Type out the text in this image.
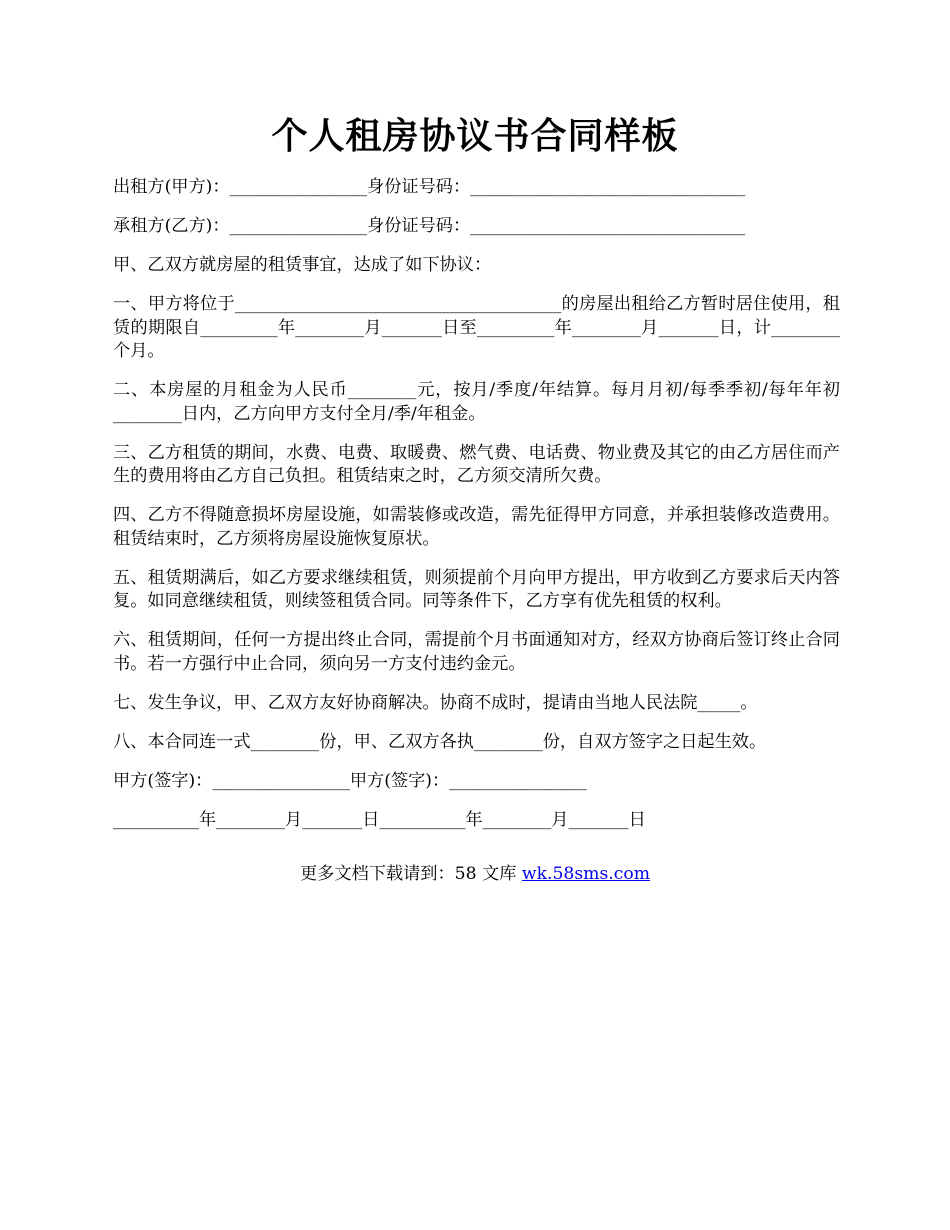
个人租房协议书合同样板

出租方(甲方)：________________身份证号码：________________________________

承租方(乙方)：________________身份证号码：________________________________

甲、乙双方就房屋的租赁事宜，达成了如下协议：

一、甲方将位于______________________________________的房屋出租给乙方暂时居住使用，租赁的期限自_________年________月_______日至_________年________月_______日，计________个月。

二、本房屋的月租金为人民币________元，按月/季度/年结算。每月月初/每季季初/每年年初________日内，乙方向甲方支付全月/季/年租金。

三、乙方租赁的期间，水费、电费、取暖费、燃气费、电话费、物业费及其它的由乙方居住而产生的费用将由乙方自己负担。租赁结束之时，乙方须交清所欠费。

四、乙方不得随意损坏房屋设施，如需装修或改造，需先征得甲方同意，并承担装修改造费用。租赁结束时，乙方须将房屋设施恢复原状。

五、租赁期满后，如乙方要求继续租赁，则须提前个月向甲方提出，甲方收到乙方要求后天内答复。如同意继续租赁，则续签租赁合同。同等条件下，乙方享有优先租赁的权利。

六、租赁期间，任何一方提出终止合同，需提前个月书面通知对方，经双方协商后签订终止合同书。若一方强行中止合同，须向另一方支付违约金元。

七、发生争议，甲、乙双方友好协商解决。协商不成时，提请由当地人民法院_____。

八、本合同连一式________份，甲、乙双方各执________份，自双方签字之日起生效。

甲方(签字)：________________甲方(签字)：________________

__________年________月_______日__________年________月_______日

更多文档下载请到：58 文库 wk.58sms.com
